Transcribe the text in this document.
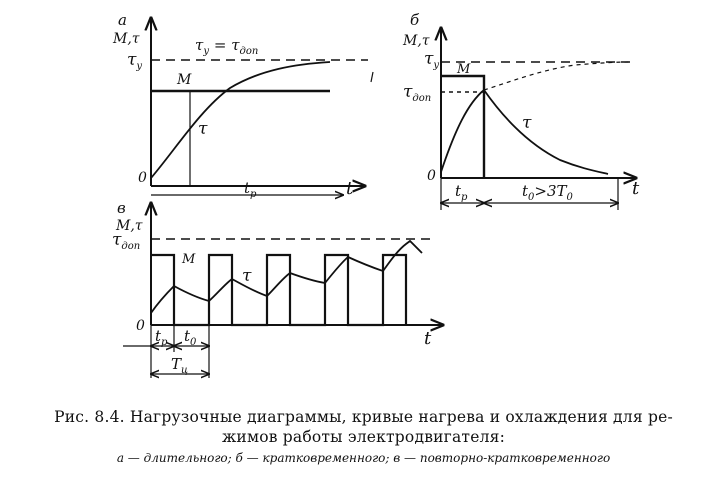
а
M,τ
$\tau_у$
$\tau_у = \tau_{доп}$
M
τ
0	t
$t_р$
б
M,τ
$\tau_у$
$\tau_{доп}$
M
τ
0
t
$t_р$	$t_0>3T_0$
в
M,τ
$\tau_{доп}$
M
τ
0
t
$t_р$ $t_0$
$T_ц$
Рис. 8.4. Нагрузочные диаграммы, кривые нагрева и охлаждения для ре-
жимов работы электродвигателя:
а — длительного; б — кратковременного; в — повторно-кратковременного
